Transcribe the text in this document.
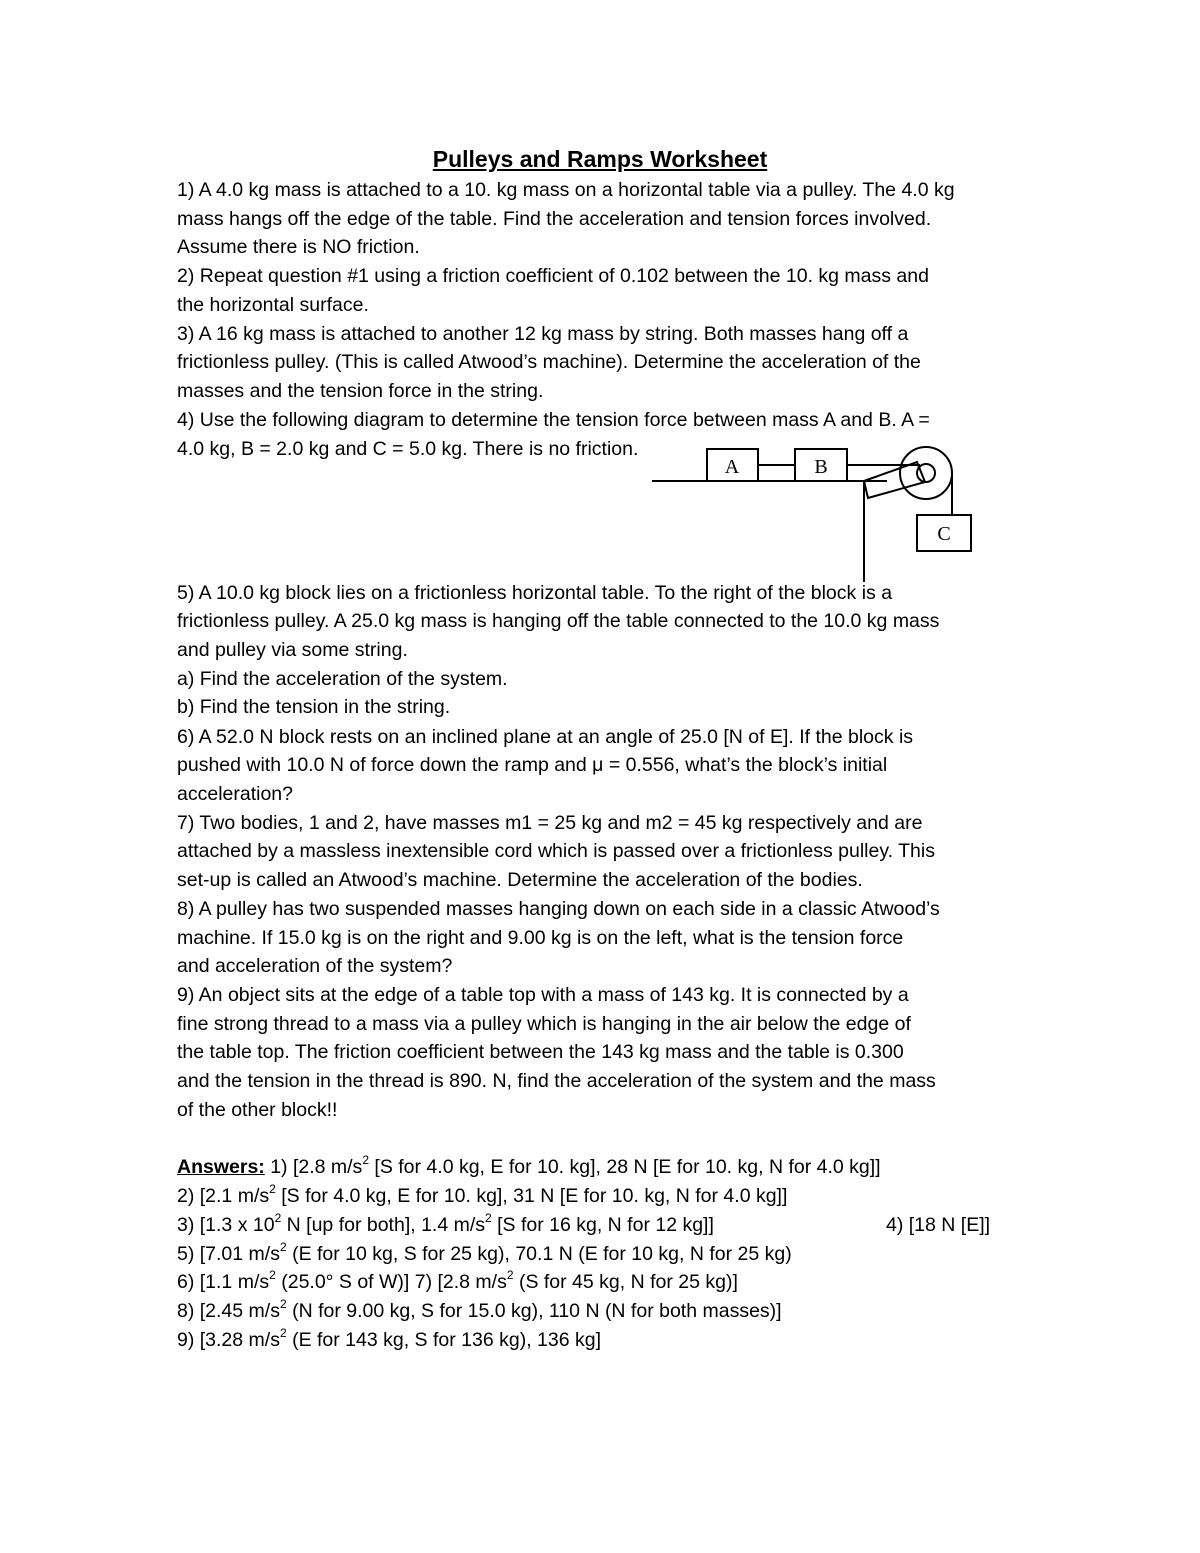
Pulleys and Ramps Worksheet
1) A 4.0 kg mass is attached to a 10. kg mass on a horizontal table via a pulley. The 4.0 kg
mass hangs off the edge of the table. Find the acceleration and tension forces involved.
Assume there is NO friction.
2) Repeat question #1 using a friction coefficient of 0.102 between the 10. kg mass and
the horizontal surface.
3) A 16 kg mass is attached to another 12 kg mass by string. Both masses hang off a
frictionless pulley. (This is called Atwood’s machine). Determine the acceleration of the
masses and the tension force in the string.
4) Use the following diagram to determine the tension force between mass A and B. A =
4.0 kg, B = 2.0 kg and C = 5.0 kg. There is no friction.
A	B
C
5) A 10.0 kg block lies on a frictionless horizontal table. To the right of the block is a
frictionless pulley. A 25.0 kg mass is hanging off the table connected to the 10.0 kg mass
and pulley via some string.
a) Find the acceleration of the system.
b) Find the tension in the string.
6) A 52.0 N block rests on an inclined plane at an angle of 25.0 [N of E]. If the block is
pushed with 10.0 N of force down the ramp and μ = 0.556, what’s the block’s initial
acceleration?
7) Two bodies, 1 and 2, have masses m1 = 25 kg and m2 = 45 kg respectively and are
attached by a massless inextensible cord which is passed over a frictionless pulley. This
set-up is called an Atwood’s machine. Determine the acceleration of the bodies.
8) A pulley has two suspended masses hanging down on each side in a classic Atwood’s
machine. If 15.0 kg is on the right and 9.00 kg is on the left, what is the tension force
and acceleration of the system?
9) An object sits at the edge of a table top with a mass of 143 kg. It is connected by a
fine strong thread to a mass via a pulley which is hanging in the air below the edge of
the table top. The friction coefficient between the 143 kg mass and the table is 0.300
and the tension in the thread is 890. N, find the acceleration of the system and the mass
of the other block!!
Answers: 1) [2.8 $m/s^2$ [S for 4.0 kg, E for 10. kg], 28 N [E for 10. kg, N for 4.0 kg]]
2) [2.1 $m/s^2$ [S for 4.0 kg, E for 10. kg], 31 N [E for 10. kg, N for 4.0 kg]]
3) [1.3 x $10^2$ N [up for both], 1.4 $m/s^2$ [S for 16 kg, N for 12 kg]]	4) [18 N [E]]
5) [7.01 $m/s^2$ (E for 10 kg, S for 25 kg), 70.1 N (E for 10 kg, N for 25 kg)
6) [1.1 $m/s^2$ (25.0° S of W)] 7) [2.8 $m/s^2$ (S for 45 kg, N for 25 kg)]
8) [2.45 $m/s^2$ (N for 9.00 kg, S for 15.0 kg), 110 N (N for both masses)]
9) [3.28 $m/s^2$ (E for 143 kg, S for 136 kg), 136 kg]
